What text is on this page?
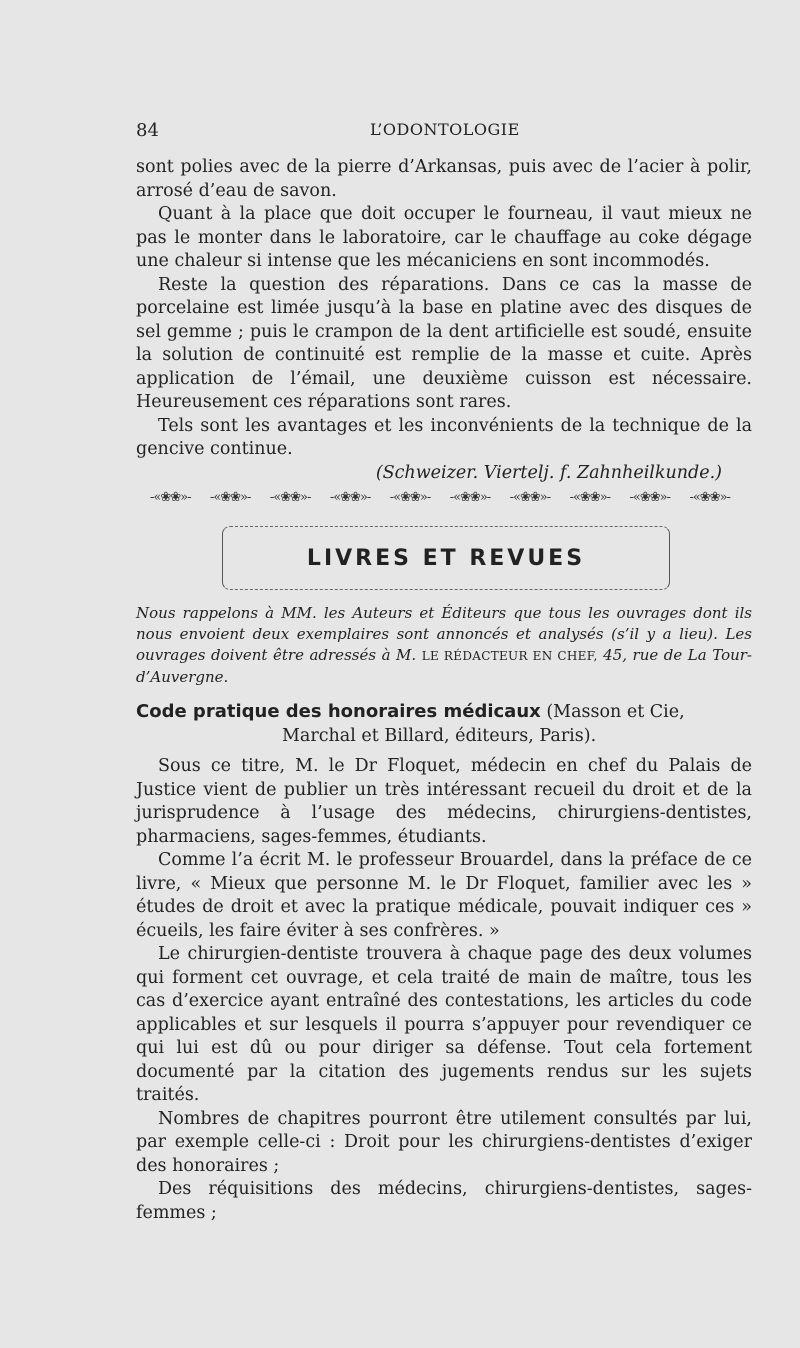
84	L’ODONTOLOGIE

sont polies avec de la pierre d’Arkansas, puis avec de l’acier à polir, arrosé d’eau de savon.

Quant à la place que doit occuper le fourneau, il vaut mieux ne pas le monter dans le laboratoire, car le chauffage au coke dégage une chaleur si intense que les mécaniciens en sont incommodés.

Reste la question des réparations. Dans ce cas la masse de porcelaine est limée jusqu’à la base en platine avec des disques de sel gemme ; puis le crampon de la dent artificielle est soudé, ensuite la solution de continuité est remplie de la masse et cuite. Après application de l’émail, une deuxième cuisson est nécessaire. Heureusement ces réparations sont rares.

Tels sont les avantages et les inconvénients de la technique de la gencive continue.

(Schweizer. Viertelj. f. Zahnheilkunde.)
-«❀❀»- -«❀❀»- -«❀❀»- -«❀❀»- -«❀❀»- -«❀❀»- -«❀❀»- -«❀❀»- -«❀❀»- -«❀❀»-
LIVRES ET REVUES

Nous rappelons à MM. les Auteurs et Éditeurs que tous les ouvrages dont ils nous envoient deux exemplaires sont annoncés et analysés (s’il y a lieu). Les ouvrages doivent être adressés à M. LE RÉDACTEUR EN CHEF, 45, rue de La Tour-d’Auvergne.

Code pratique des honoraires médicaux (Masson et Cie,
Marchal et Billard, éditeurs, Paris).

Sous ce titre, M. le Dr Floquet, médecin en chef du Palais de Justice vient de publier un très intéressant recueil du droit et de la jurisprudence à l’usage des médecins, chirurgiens-dentistes, pharmaciens, sages-femmes, étudiants.

Comme l’a écrit M. le professeur Brouardel, dans la préface de ce livre, « Mieux que personne M. le Dr Floquet, familier avec les » études de droit et avec la pratique médicale, pouvait indiquer ces » écueils, les faire éviter à ses confrères. »

Le chirurgien-dentiste trouvera à chaque page des deux volumes qui forment cet ouvrage, et cela traité de main de maître, tous les cas d’exercice ayant entraîné des contestations, les articles du code applicables et sur lesquels il pourra s’appuyer pour revendiquer ce qui lui est dû ou pour diriger sa défense. Tout cela fortement documenté par la citation des jugements rendus sur les sujets traités.

Nombres de chapitres pourront être utilement consultés par lui, par exemple celle-ci : Droit pour les chirurgiens-dentistes d’exiger des honoraires ;

Des réquisitions des médecins, chirurgiens-dentistes, sages-femmes ;
